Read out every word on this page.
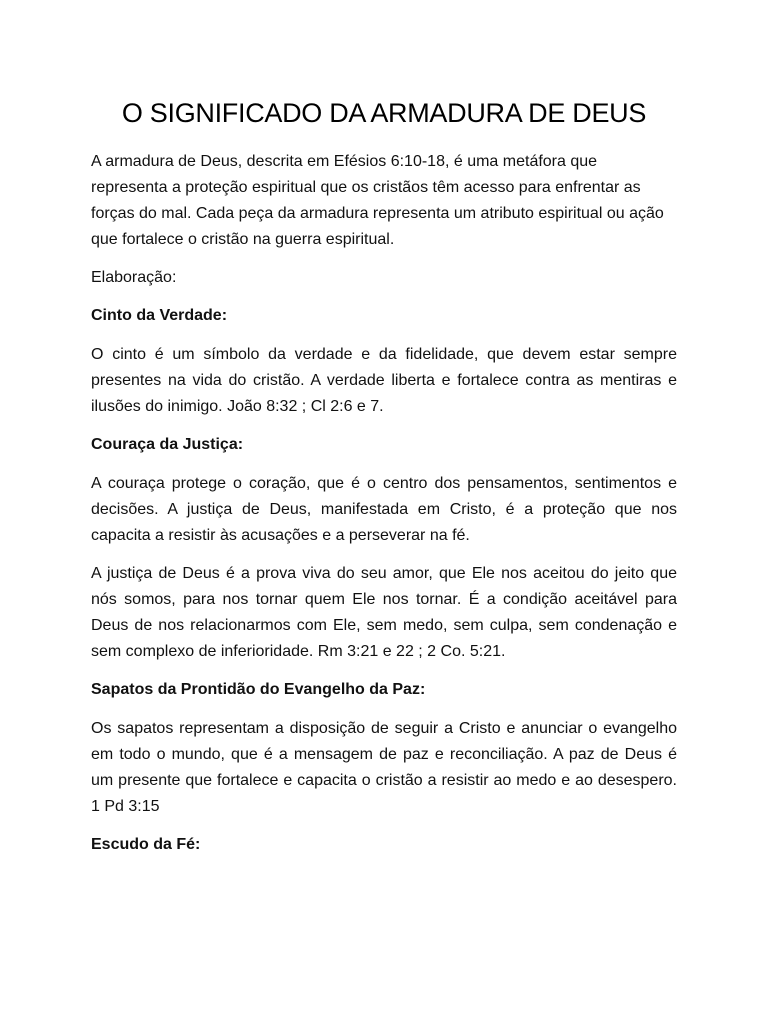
O SIGNIFICADO DA ARMADURA DE DEUS

A armadura de Deus, descrita em Efésios 6:10-18, é uma metáfora que representa a proteção espiritual que os cristãos têm acesso para enfrentar as forças do mal. Cada peça da armadura representa um atributo espiritual ou ação que fortalece o cristão na guerra espiritual.

Elaboração:

Cinto da Verdade:

O cinto é um símbolo da verdade e da fidelidade, que devem estar sempre presentes na vida do cristão. A verdade liberta e fortalece contra as mentiras e ilusões do inimigo. João 8:32 ; Cl 2:6 e 7.

Couraça da Justiça:

A couraça protege o coração, que é o centro dos pensamentos, sentimentos e decisões. A justiça de Deus, manifestada em Cristo, é a proteção que nos capacita a resistir às acusações e a perseverar na fé.

A justiça de Deus é a prova viva do seu amor, que Ele nos aceitou do jeito que nós somos, para nos tornar quem Ele nos tornar. É a condição aceitável para Deus de nos relacionarmos com Ele, sem medo, sem culpa, sem condenação e sem complexo de inferioridade. Rm 3:21 e 22 ; 2 Co. 5:21.

Sapatos da Prontidão do Evangelho da Paz:

Os sapatos representam a disposição de seguir a Cristo e anunciar o evangelho em todo o mundo, que é a mensagem de paz e reconciliação. A paz de Deus é um presente que fortalece e capacita o cristão a resistir ao medo e ao desespero. 1 Pd 3:15

Escudo da Fé:
